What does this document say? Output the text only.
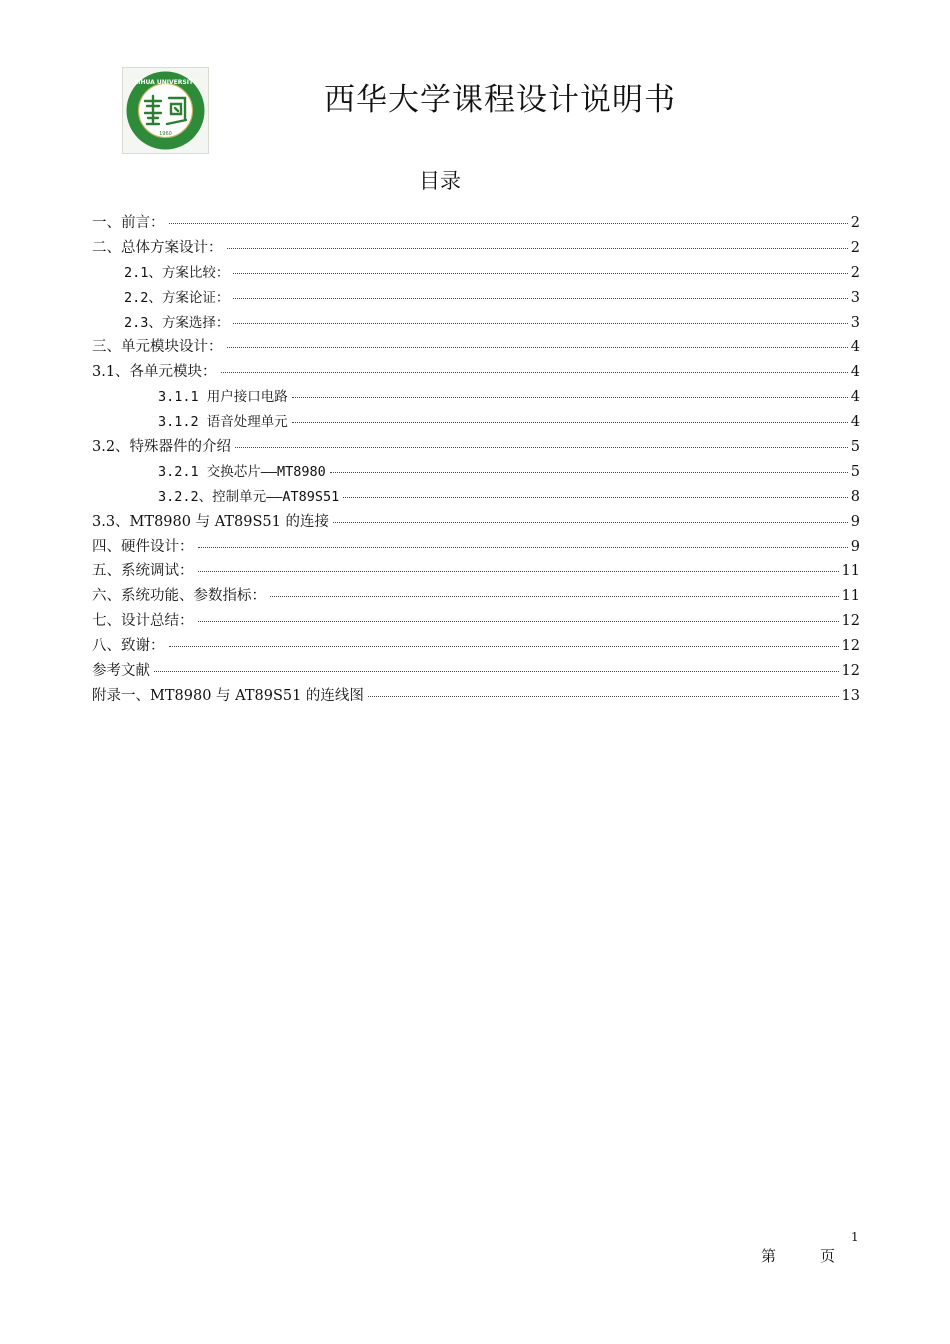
XIHUA UNIVERSITY
1960
西华大学课程设计说明书
目录
一、前言：	2
二、总体方案设计：	2
2.1、方案比较：	2
2.2、方案论证：	3
2.3、方案选择：	3
三、单元模块设计：	4
3.1、各单元模块：	4
3.1.1 用户接口电路	4
3.1.2 语音处理单元	4
3.2、特殊器件的介绍	5
3.2.1 交换芯片——MT8980	5
3.2.2、控制单元——AT89S51	8
3.3、MT8980 与 AT89S51 的连接	9
四、硬件设计：	9
五、系统调试：	11
六、系统功能、参数指标：	11
七、设计总结：	12
八、致谢：	12
参考文献	12
附录一、MT8980 与 AT89S51 的连线图	13
1
第	页
